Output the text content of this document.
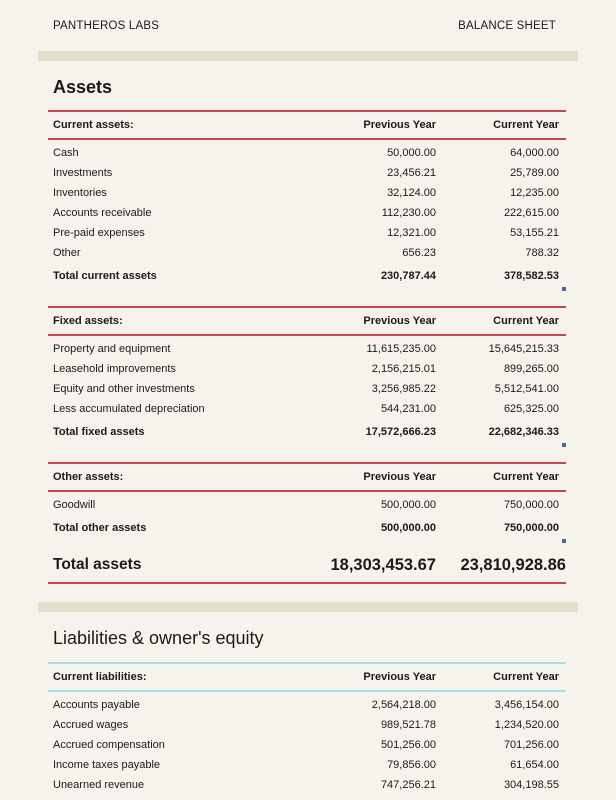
PANTHEROS LABS	BALANCE SHEET
Assets
Current assets:	Previous Year	Current Year
Cash	50,000.00	64,000.00
Investments	23,456.21	25,789.00
Inventories	32,124.00	12,235.00
Accounts receivable	112,230.00	222,615.00
Pre-paid expenses	12,321.00	53,155.21
Other	656.23	788.32
Total current assets	230,787.44	378,582.53
Fixed assets:	Previous Year	Current Year
Property and equipment	11,615,235.00	15,645,215.33
Leasehold improvements	2,156,215.01	899,265.00
Equity and other investments	3,256,985.22	5,512,541.00
Less accumulated depreciation	544,231.00	625,325.00
Total fixed assets	17,572,666.23	22,682,346.33
Other assets:	Previous Year	Current Year
Goodwill	500,000.00	750,000.00
Total other assets	500,000.00	750,000.00
Total assets	18,303,453.67	23,810,928.86
Liabilities & owner's equity
Current liabilities:	Previous Year	Current Year
Accounts payable	2,564,218.00	3,456,154.00
Accrued wages	989,521.78	1,234,520.00
Accrued compensation	501,256.00	701,256.00
Income taxes payable	79,856.00	61,654.00
Unearned revenue	747,256.21	304,198.55
